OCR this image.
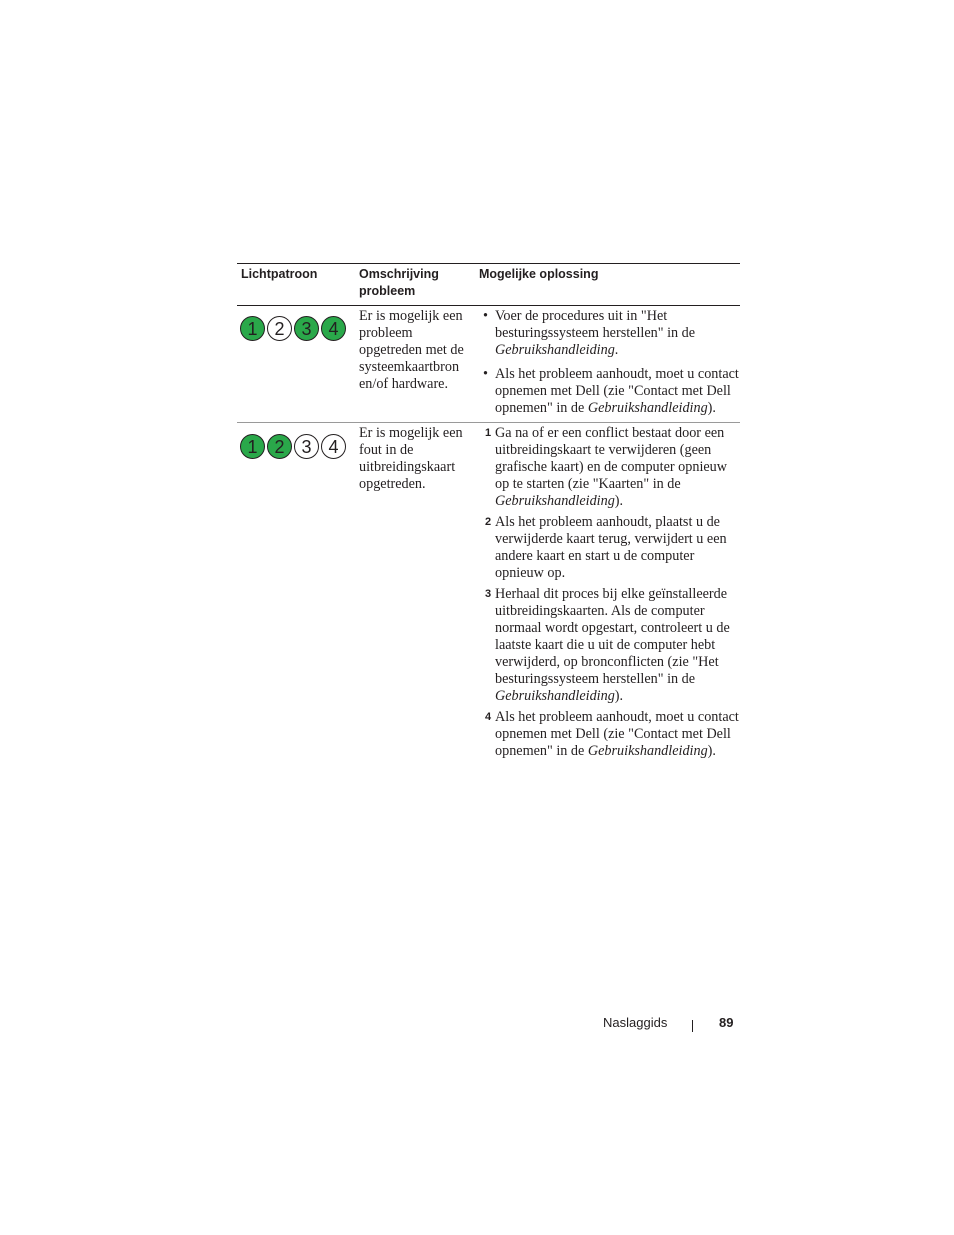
Lichtpatroon	Omschrijving probleem
Mogelijke oplossing
1 2 3 4
Er is mogelijk een probleem opgetreden met de systeemkaartbron en/of hardware.

• Voer de procedures uit in "Het besturingssysteem herstellen" in de Gebruikshandleiding.

• Als het probleem aanhoudt, moet u contact opnemen met Dell (zie "Contact met Dell opnemen" in de Gebruikshandleiding).

1 2 3 4
Er is mogelijk een fout in de uitbreidingskaart opgetreden.

1 Ga na of er een conflict bestaat door een uitbreidingskaart te verwijderen (geen grafische kaart) en de computer opnieuw op te starten (zie "Kaarten" in de Gebruikshandleiding).

2 Als het probleem aanhoudt, plaatst u de verwijderde kaart terug, verwijdert u een andere kaart en start u de computer opnieuw op.

3 Herhaal dit proces bij elke geïnstalleerde uitbreidingskaarten. Als de computer normaal wordt opgestart, controleert u de laatste kaart die u uit de computer hebt verwijderd, op bronconflicten (zie "Het besturingssysteem herstellen" in de Gebruikshandleiding).

4 Als het probleem aanhoudt, moet u contact opnemen met Dell (zie "Contact met Dell opnemen" in de Gebruikshandleiding).

Naslaggids	89
